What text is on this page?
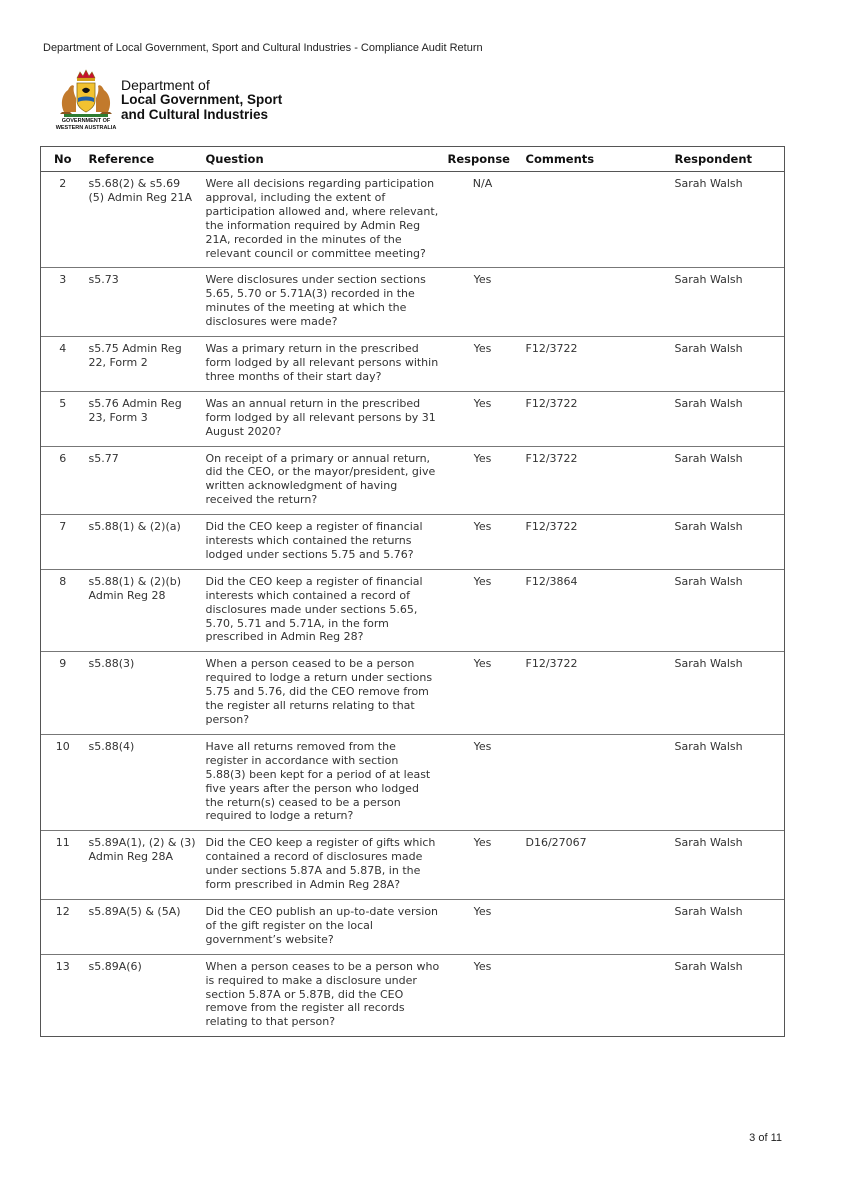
Department of Local Government, Sport and Cultural Industries - Compliance Audit Return
GOVERNMENT OF
WESTERN AUSTRALIA
Department of
Local Government, Sport
and Cultural Industries
No	Reference	Question	Response	Comments	Respondent
2	s5.68(2) & s5.69 (5) Admin Reg 21A	Were all decisions regarding participation approval, including the extent of participation allowed and, where relevant, the information required by Admin Reg 21A, recorded in the minutes of the relevant council or committee meeting?	N/A		Sarah Walsh
3	s5.73	Were disclosures under section sections 5.65, 5.70 or 5.71A(3) recorded in the minutes of the meeting at which the disclosures were made?	Yes		Sarah Walsh
4	s5.75 Admin Reg 22, Form 2	Was a primary return in the prescribed form lodged by all relevant persons within three months of their start day?	Yes	F12/3722	Sarah Walsh
5	s5.76 Admin Reg 23, Form 3	Was an annual return in the prescribed form lodged by all relevant persons by 31 August 2020?	Yes	F12/3722	Sarah Walsh
6	s5.77	On receipt of a primary or annual return, did the CEO, or the mayor/president, give written acknowledgment of having received the return?	Yes	F12/3722	Sarah Walsh
7	s5.88(1) & (2)(a)	Did the CEO keep a register of financial interests which contained the returns lodged under sections 5.75 and 5.76?	Yes	F12/3722	Sarah Walsh
8	s5.88(1) & (2)(b) Admin Reg 28	Did the CEO keep a register of financial interests which contained a record of disclosures made under sections 5.65, 5.70, 5.71 and 5.71A, in the form prescribed in Admin Reg 28?	Yes	F12/3864	Sarah Walsh
9	s5.88(3)	When a person ceased to be a person required to lodge a return under sections 5.75 and 5.76, did the CEO remove from the register all returns relating to that person?	Yes	F12/3722	Sarah Walsh
10	s5.88(4)	Have all returns removed from the register in accordance with section 5.88(3) been kept for a period of at least five years after the person who lodged the return(s) ceased to be a person required to lodge a return?	Yes		Sarah Walsh
11	s5.89A(1), (2) & (3) Admin Reg 28A	Did the CEO keep a register of gifts which contained a record of disclosures made under sections 5.87A and 5.87B, in the form prescribed in Admin Reg 28A?	Yes	D16/27067	Sarah Walsh
12	s5.89A(5) & (5A)	Did the CEO publish an up-to-date version of the gift register on the local government’s website?	Yes		Sarah Walsh
13	s5.89A(6)	When a person ceases to be a person who is required to make a disclosure under section 5.87A or 5.87B, did the CEO remove from the register all records relating to that person?	Yes		Sarah Walsh
3 of 11
